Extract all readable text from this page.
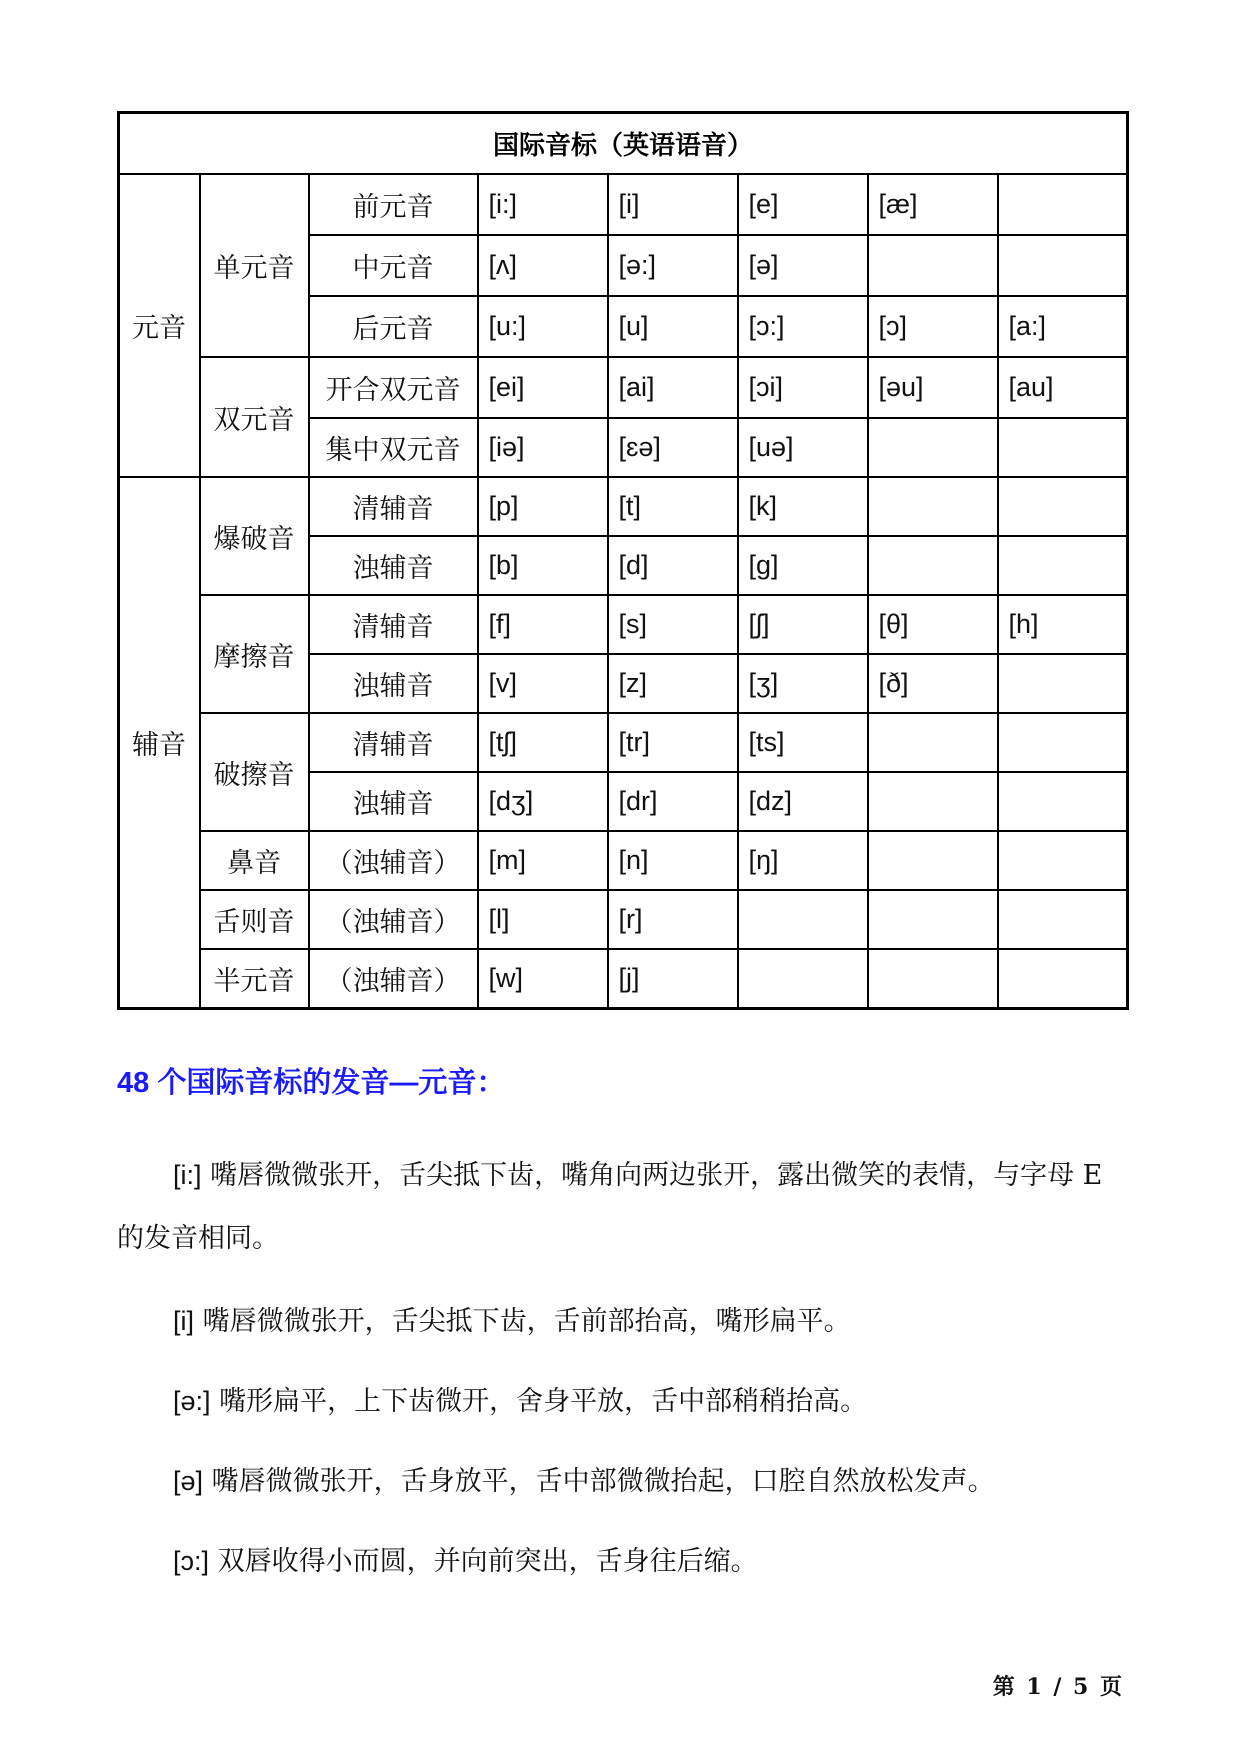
国际音标（英语语音）							
元音	单元音	前元音	[i:]	[i]	[e]	[æ]	
		中元音	[ʌ]	[ə:]	[ə]		
		后元音	[u:]	[u]	[ɔ:]	[ɔ]	[a:]
	双元音	开合双元音	[ei]	[ai]	[ɔi]	[əu]	[au]
		集中双元音	[iə]	[ɛə]	[uə]		
辅音	爆破音	清辅音	[p]	[t]	[k]		
		浊辅音	[b]	[d]	[g]		
	摩擦音	清辅音	[f]	[s]	[ʃ]	[θ]	[h]
		浊辅音	[v]	[z]	[ʒ]	[ð]	
	破擦音	清辅音	[tʃ]	[tr]	[ts]		
		浊辅音	[dʒ]	[dr]	[dz]		
	鼻音	（浊辅音）	[m]	[n]	[ŋ]		
	舌则音	（浊辅音）	[l]	[r]			
	半元音	（浊辅音）	[w]	[j]			
48 个国际音标的发音—元音：
[i:] 嘴唇微微张开，舌尖抵下齿，嘴角向两边张开，露出微笑的表情，与字母 E 的发音相同。
[i] 嘴唇微微张开，舌尖抵下齿，舌前部抬高，嘴形扁平。
[ə:] 嘴形扁平，上下齿微开，舍身平放，舌中部稍稍抬高。
[ə] 嘴唇微微张开，舌身放平，舌中部微微抬起，口腔自然放松发声。
[ɔ:] 双唇收得小而圆，并向前突出，舌身往后缩。
第 1 / 5 页
